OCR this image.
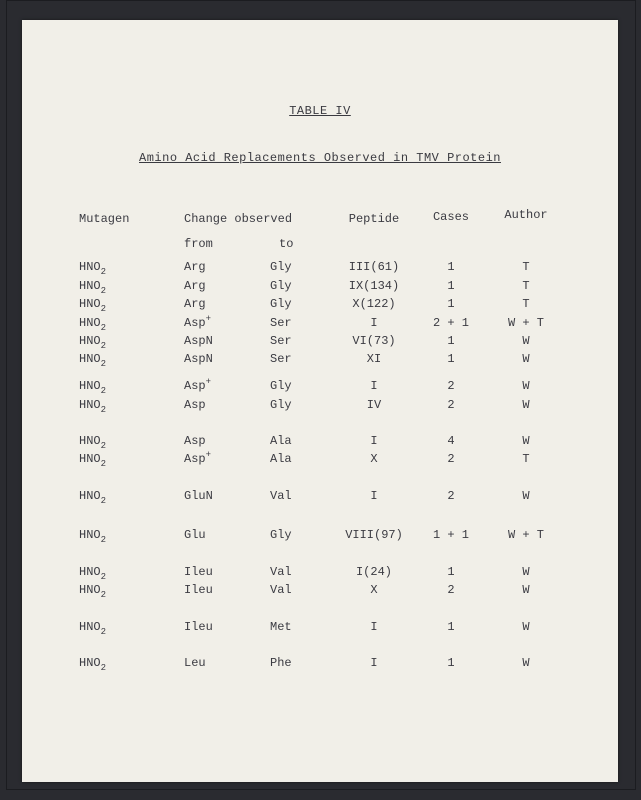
TABLE IV
Amino Acid Replacements Observed in TMV Protein
Mutagen	Change observed	Peptide	Cases	Author
from	to
$HNO_2$	Arg	Gly	III(61)	1	T
$HNO_2$	Arg	Gly	IX(134)	1	T
$HNO_2$	Arg	Gly	X(122)	1	T
$HNO_2$	Asp+	Ser	I	2 + 1	W + T
$HNO_2$	AspN	Ser	VI(73)	1	W
$HNO_2$	AspN	Ser	XI	1	W
$HNO_2$	Asp+	Gly	I	2	W
$HNO_2$	Asp	Gly	IV	2	W
$HNO_2$	Asp	Ala	I	4	W
$HNO_2$	Asp+	Ala	X	2	T
$HNO_2$	GluN	Val	I	2	W
$HNO_2$	Glu	Gly	VIII(97)	1 + 1	W + T
$HNO_2$	Ileu	Val	I(24)	1	W
$HNO_2$	Ileu	Val	X	2	W
$HNO_2$	Ileu	Met	I	1	W
$HNO_2$	Leu	Phe	I	1	W
